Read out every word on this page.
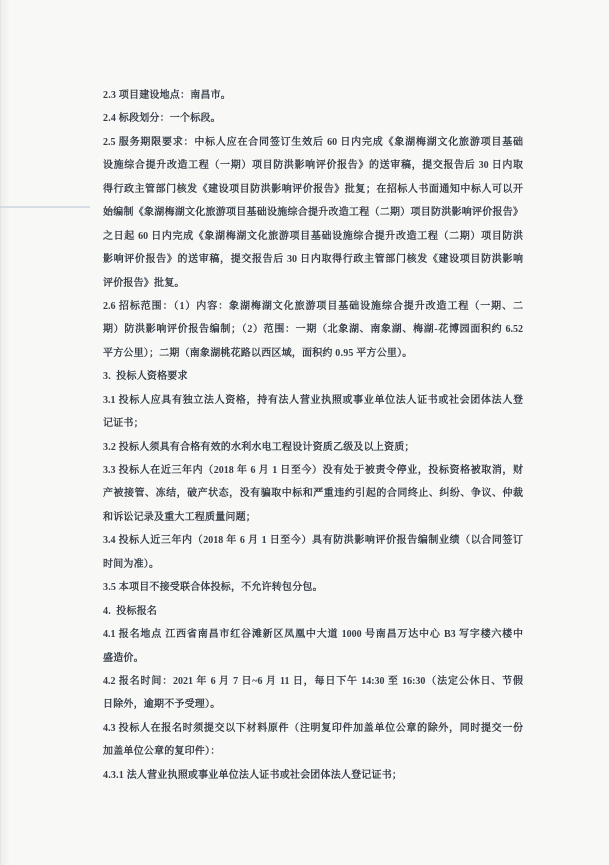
2.3 项目建设地点：南昌市。
2.4 标段划分：一个标段。
2.5 服务期限要求：中标人应在合同签订生效后 60 日内完成《象湖梅湖文化旅游项目基础
设施综合提升改造工程（一期）项目防洪影响评价报告》的送审稿，提交报告后 30 日内取
得行政主管部门核发《建设项目防洪影响评价报告》批复；在招标人书面通知中标人可以开
始编制《象湖梅湖文化旅游项目基础设施综合提升改造工程（二期）项目防洪影响评价报告》
之日起 60 日内完成《象湖梅湖文化旅游项目基础设施综合提升改造工程（二期）项目防洪
影响评价报告》的送审稿，提交报告后 30 日内取得行政主管部门核发《建设项目防洪影响
评价报告》批复。
2.6 招标范围：（1）内容：象湖梅湖文化旅游项目基础设施综合提升改造工程（一期、二
期）防洪影响评价报告编制；（2）范围：一期（北象湖、南象湖、梅湖-花博园面积约 6.52
平方公里）；二期（南象湖桃花路以西区域，面积约 0.95 平方公里）。
3.  投标人资格要求
3.1 投标人应具有独立法人资格，持有法人营业执照或事业单位法人证书或社会团体法人登
记证书；
3.2 投标人须具有合格有效的水利水电工程设计资质乙级及以上资质；
3.3 投标人在近三年内（2018 年 6 月 1 日至今）没有处于被责令停业，投标资格被取消，财
产被接管、冻结，破产状态，没有骗取中标和严重违约引起的合同终止、纠纷、争议、仲裁
和诉讼记录及重大工程质量问题；
3.4 投标人近三年内（2018 年 6 月 1 日至今）具有防洪影响评价报告编制业绩（以合同签订
时间为准）。
3.5 本项目不接受联合体投标，不允许转包分包。
4.  投标报名
4.1 报名地点 江西省南昌市红谷滩新区凤凰中大道 1000 号南昌万达中心 B3 写字楼六楼中
盛造价。
4.2 报名时间：2021 年 6 月 7 日~6 月 11 日，每日下午 14:30 至 16:30（法定公休日、节假
日除外，逾期不予受理）。
4.3 投标人在报名时须提交以下材料原件（注明复印件加盖单位公章的除外，同时提交一份
加盖单位公章的复印件）：
4.3.1 法人营业执照或事业单位法人证书或社会团体法人登记证书；
